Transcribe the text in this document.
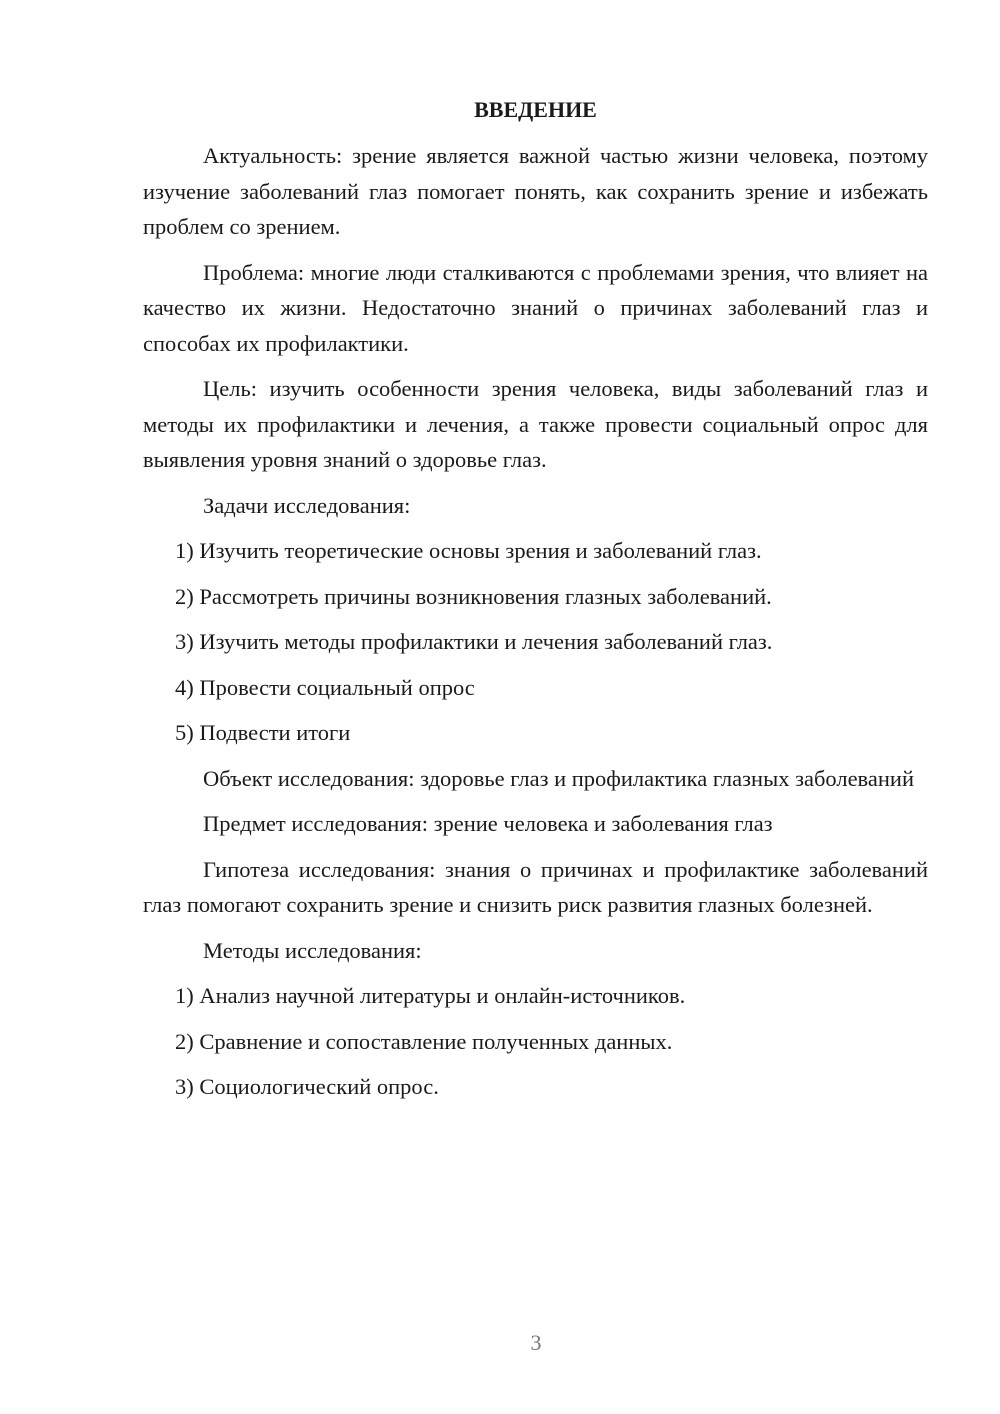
ВВЕДЕНИЕ

Актуальность: зрение является важной частью жизни человека, поэтому изучение заболеваний глаз помогает понять, как сохранить зрение и избежать проблем со зрением.

Проблема: многие люди сталкиваются с проблемами зрения, что влияет на качество их жизни. Недостаточно знаний о причинах заболеваний глаз и способах их профилактики.

Цель: изучить особенности зрения человека, виды заболеваний глаз и методы их профилактики и лечения, а также провести социальный опрос для выявления уровня знаний о здоровье глаз.

Задачи исследования:

1) Изучить теоретические основы зрения и заболеваний глаз.

2) Рассмотреть причины возникновения глазных заболеваний.

3) Изучить методы профилактики и лечения заболеваний глаз.

4) Провести социальный опрос

5) Подвести итоги

Объект исследования: здоровье глаз и профилактика глазных заболеваний

Предмет исследования: зрение человека и заболевания глаз

Гипотеза исследования: знания о причинах и профилактике заболеваний глаз помогают сохранить зрение и снизить риск развития глазных болезней.

Методы исследования:

1) Анализ научной литературы и онлайн-источников.

2) Сравнение и сопоставление полученных данных.

3) Социологический опрос.

3
